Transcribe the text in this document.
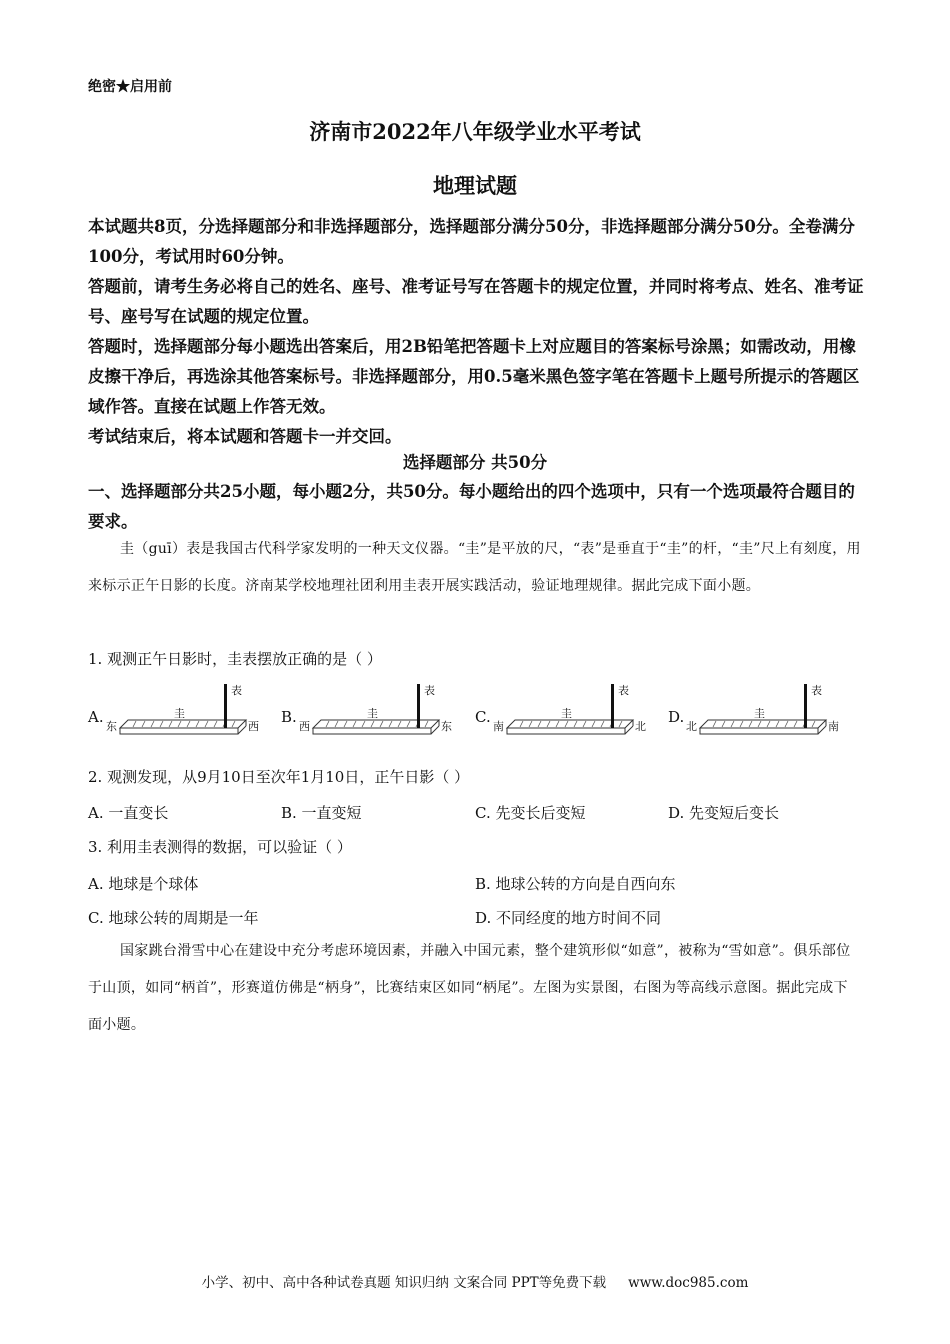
绝密★启用前
济南市2022年八年级学业水平考试
地理试题
本试题共8页，分选择题部分和非选择题部分，选择题部分满分50分，非选择题部分满分50分。全卷满分100分，考试用时60分钟。
答题前，请考生务必将自己的姓名、座号、准考证号写在答题卡的规定位置，并同时将考点、姓名、准考证号、座号写在试题的规定位置。
答题时，选择题部分每小题选出答案后，用2B铅笔把答题卡上对应题目的答案标号涂黑；如需改动，用橡皮擦干净后，再选涂其他答案标号。非选择题部分，用0.5毫米黑色签字笔在答题卡上题号所提示的答题区域作答。直接在试题上作答无效。
考试结束后，将本试题和答题卡一并交回。
选择题部分 共50分
一、选择题部分共25小题，每小题2分，共50分。每小题给出的四个选项中，只有一个选项最符合题目的要求。
圭（guī）表是我国古代科学家发明的一种天文仪器。“圭”是平放的尺，“表”是垂直于“圭”的杆，“圭”尺上有刻度，用来标示正午日影的长度。济南某学校地理社团利用圭表开展实践活动，验证地理规律。据此完成下面小题。
1. 观测正午日影时，圭表摆放正确的是（ ）
A.	圭
表
东	西
B.	圭
表
西	东
C.	圭
表
南	北
D.	圭
表
北	南
2. 观测发现，从9月10日至次年1月10日，正午日影（ ）
A. 一直变长	B. 一直变短	C. 先变长后变短	D. 先变短后变长
3. 利用圭表测得的数据，可以验证（ ）
A. 地球是个球体	B. 地球公转的方向是自西向东
C. 地球公转的周期是一年	D. 不同经度的地方时间不同
国家跳台滑雪中心在建设中充分考虑环境因素，并融入中国元素，整个建筑形似“如意”，被称为“雪如意”。俱乐部位于山顶，如同“柄首”，形赛道仿佛是“柄身”，比赛结束区如同“柄尾”。左图为实景图，右图为等高线示意图。据此完成下面小题。
小学、初中、高中各种试卷真题 知识归纳 文案合同 PPT等免费下载 www.doc985.com
